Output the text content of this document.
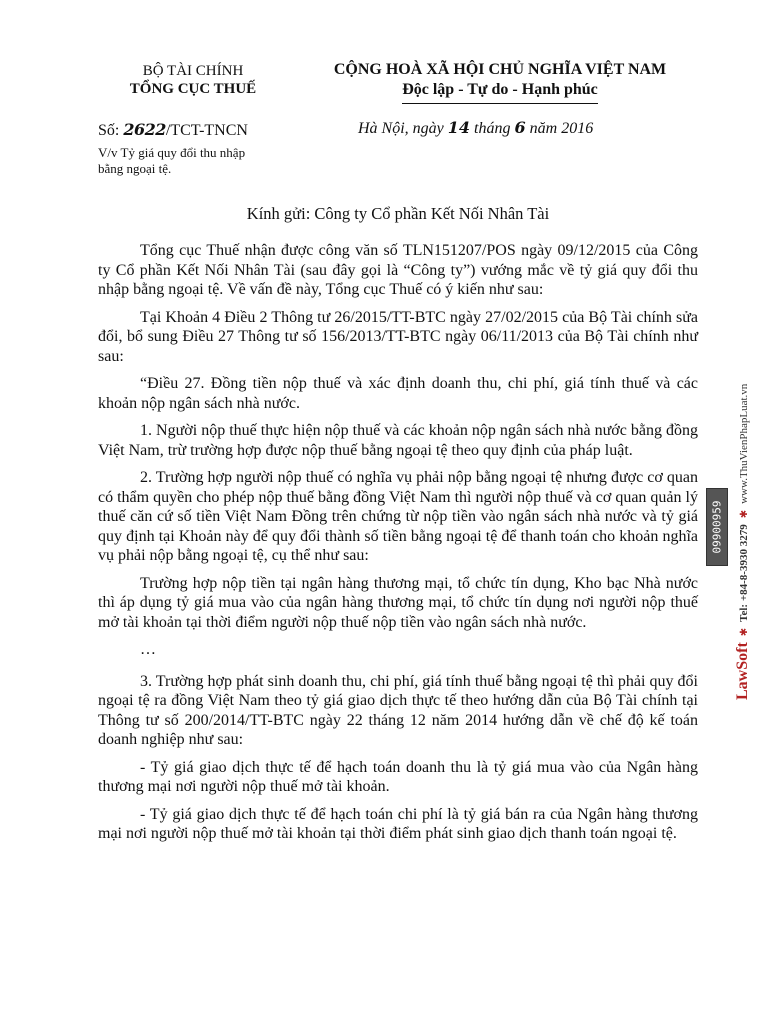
BỘ TÀI CHÍNH
TỔNG CỤC THUẾ
CỘNG HOÀ XÃ HỘI CHỦ NGHĨA VIỆT NAM
Độc lập - Tự do - Hạnh phúc
Số: 2622/TCT-TNCN
V/v Tỷ giá quy đổi thu nhập
bằng ngoại tệ.
Hà Nội, ngày 14 tháng 6 năm 2016
Kính gửi: Công ty Cổ phần Kết Nối Nhân Tài

Tổng cục Thuế nhận được công văn số TLN151207/POS ngày 09/12/2015 của Công ty Cổ phần Kết Nối Nhân Tài (sau đây gọi là “Công ty”) vướng mắc về tỷ giá quy đổi thu nhập bằng ngoại tệ. Về vấn đề này, Tổng cục Thuế có ý kiến như sau:

Tại Khoản 4 Điều 2 Thông tư 26/2015/TT-BTC ngày 27/02/2015 của Bộ Tài chính sửa đổi, bổ sung Điều 27 Thông tư số 156/2013/TT-BTC ngày 06/11/2013 của Bộ Tài chính như sau:

“Điều 27. Đồng tiền nộp thuế và xác định doanh thu, chi phí, giá tính thuế và các khoản nộp ngân sách nhà nước.

1. Người nộp thuế thực hiện nộp thuế và các khoản nộp ngân sách nhà nước bằng đồng Việt Nam, trừ trường hợp được nộp thuế bằng ngoại tệ theo quy định của pháp luật.

2. Trường hợp người nộp thuế có nghĩa vụ phải nộp bằng ngoại tệ nhưng được cơ quan có thẩm quyền cho phép nộp thuế bằng đồng Việt Nam thì người nộp thuế và cơ quan quản lý thuế căn cứ số tiền Việt Nam Đồng trên chứng từ nộp tiền vào ngân sách nhà nước và tỷ giá quy định tại Khoản này để quy đổi thành số tiền bằng ngoại tệ để thanh toán cho khoản nghĩa vụ phải nộp bằng ngoại tệ, cụ thể như sau:

Trường hợp nộp tiền tại ngân hàng thương mại, tổ chức tín dụng, Kho bạc Nhà nước thì áp dụng tỷ giá mua vào của ngân hàng thương mại, tổ chức tín dụng nơi người nộp thuế mở tài khoản tại thời điểm người nộp thuế nộp tiền vào ngân sách nhà nước.

…

3. Trường hợp phát sinh doanh thu, chi phí, giá tính thuế bằng ngoại tệ thì phải quy đổi ngoại tệ ra đồng Việt Nam theo tỷ giá giao dịch thực tế theo hướng dẫn của Bộ Tài chính tại Thông tư số 200/2014/TT-BTC ngày 22 tháng 12 năm 2014 hướng dẫn về chế độ kế toán doanh nghiệp như sau:

- Tỷ giá giao dịch thực tế để hạch toán doanh thu là tỷ giá mua vào của Ngân hàng thương mại nơi người nộp thuế mở tài khoản.

- Tỷ giá giao dịch thực tế để hạch toán chi phí là tỷ giá bán ra của Ngân hàng thương mại nơi người nộp thuế mở tài khoản tại thời điểm phát sinh giao dịch thanh toán ngoại tệ.

09900959
LawSoft✱Tel: +84-8-3930 3279✱www.ThuVienPhapLuat.vn
